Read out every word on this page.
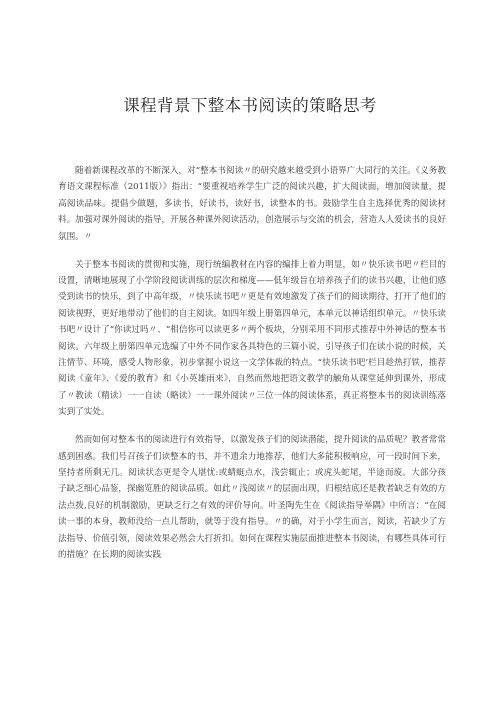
课程背景下整本书阅读的策略思考

随着新课程改革的不断深入，对“整本书阅读〃的研究越来越受到小语界广大同行的关注。《义务教育语文课程标准（2011版）》指出：“要重视培养学生广泛的阅读兴趣，扩大阅读面，增加阅读量，提高阅读品味。提倡少做题，多读书，好读书，读好书，读整本的书。鼓励学生自主选择优秀的阅读材料。加强对课外阅读的指导，开展各种课外阅读活动，创造展示与交流的机会，营造人人爱读书的良好氛围。〃

关于整本书阅读的贯彻和实施，现行统编教材在内容的编排上着力明显，如〃快乐读书吧〃栏目的设置，清晰地展现了小学阶段阅读训练的层次和梯度——低年级旨在培养孩子们的读书兴趣，让他们感受到读书的快乐，到了中高年级，〃快乐读书吧〃更是有效地激发了孩子们的阅读期待，打开了他们的阅读视野，更好地带动了他们的自主阅读。如四年级上册第四单元，本单元以神话组织单元。〃快乐读书吧〃设计了“你读过吗〃、“相信你可以读更多〃两个板块，分别采用不同形式推荐中外神话的整本书阅读。六年级上册第四单元选编了中外不同作家各具特色的三篇小说，引导孩子们在读小说的时候，关注情节、环境，感受人物形象，初步掌握小说这一文学体裁的特点。“快乐读书吧’栏目趁热打铁，推荐阅读《童年》、《爱的教育》和《小英雄雨来》，自然而然地把语文教学的触角从课堂延伸到课外，形成了〃教读（精读）一一自读（略读）一一课外阅读〃三位一体的阅读体系，真正将整本书的阅读训练落实到了实处。

然而如何对整本书的阅读进行有效指导，以激发孩子们的阅读潜能，提升阅读的品质呢？教者常常感到困惑。我们号召孩子们读整本的书，并不遗余力地推荐，他们大多能积极响应，可一段时间下来，坚持者所剩无几。阅读状态更是令人堪忧:或蜻蜓点水，浅尝辄止；或虎头蛇尾，半途而废。大部分孩子缺乏细心品鉴，探幽览胜的阅读品质。如此〃浅阅读〃的层面出现，归根结底还是教者缺乏有效的方法点拨,良好的机制激励，更缺乏行之有效的评价导向。叶圣陶先生在《阅读指导举隅》中所言：“在阅读一事的本身，教师没给一点儿帮助，就等于没有指导。〃的确，对于小学生而言，阅读，若缺少了方法指导、价值引领，阅读效果必然会大打折扣。如何在课程实施层面推进整本书阅读，有哪些具体可行的措施？在长期的阅读实践
